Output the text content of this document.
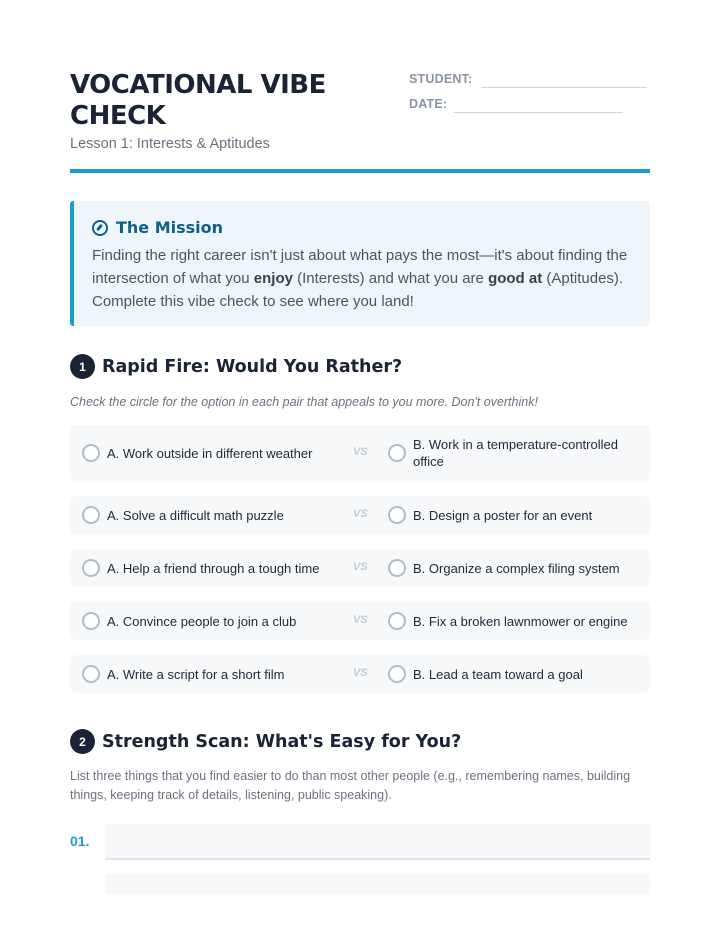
VOCATIONAL VIBE
CHECK
Lesson 1: Interests & Aptitudes
STUDENT:
DATE:
The Mission

Finding the right career isn't just about what pays the most—it's about finding the intersection of what you enjoy (Interests) and what you are good at (Aptitudes). Complete this vibe check to see where you land!

1 Rapid Fire: Would You Rather?
Check the circle for the option in each pair that appeals to you more. Don't overthink!
A. Work outside in different weather	VS	B. Work in a temperature-controlled office
A. Solve a difficult math puzzle	VS	B. Design a poster for an event
A. Help a friend through a tough time	VS	B. Organize a complex filing system
A. Convince people to join a club	VS	B. Fix a broken lawnmower or engine
A. Write a script for a short film	VS	B. Lead a team toward a goal
2 Strength Scan: What's Easy for You?

List three things that you find easier to do than most other people (e.g., remembering names, building things, keeping track of details, listening, public speaking).

01.
